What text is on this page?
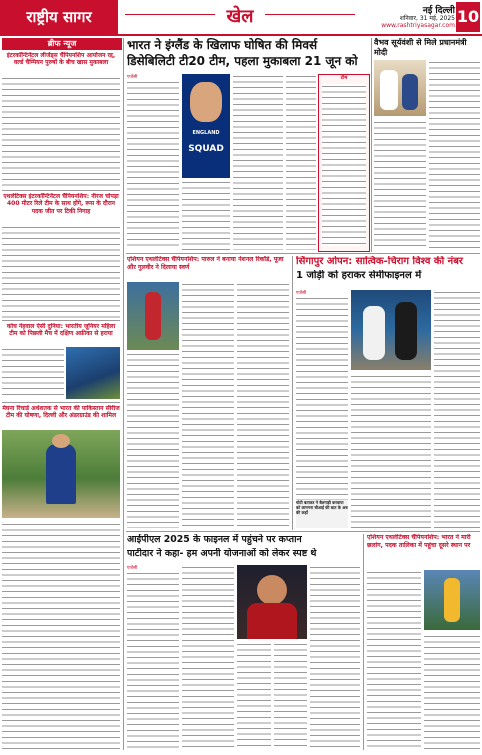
राष्ट्रीय सागर	खेल	नई दिल्ली
शनिवार, 31 मई, 2025
www.rashtriyasagar.com 10
ब्रीफ न्यूज
इंटरकॉन्टिनेंटल लीजेंड्स चैंपियनशिप आयोजन रद्द, वर्ल्ड चैम्पियन पुरुषों के बीच खास मुकाबला
एथलेटिक्स इंटरकॉन्टिनेंटल चैंपियनशिप: नीरज चोपड़ा 400 मीटर रिले टीम के साथ होंगे, रूस के दौरान पदक जीत पर टिकी निगाह
कोच नेहवाल ऐसी दुनिया: भारतीय जूनियर महिला टीम को पिछली मैच में दक्षिण अफ्रीका से हराया
मेघना रिचार्ड अर्धशतक से भारत की पाकिस्तान सीरीज टीम की घोषणा, दिल्ली और अंडरग्राउंड की शामिल
भारत ने इंग्लैंड के खिलाफ घोषित की मिवर्स
डिसेबिलिटी टी20 टीम, पहला मुकाबला 21 जून को
एजेंसी
ENGLAND
SQUAD
टीम
वैभव सूर्यवंशी से मिले प्रधानमंत्री मोदी
एशियन एथलेटिक्स चैंपियनशिप: पारुल ने बनाया नेशनल रिकॉर्ड, पूजा और गुलवीर ने दिलाया स्वर्ण
सिंगापुर ओपन: सात्विक-चिराग विश्व की नंबर
1 जोड़ी को हराकर सेमीफाइनल में
एजेंसी
आईपीएल 2025 के फाइनल में पहुंचने पर कप्तान
पाटीदार ने कहा- हम अपनी योजनाओं को लेकर स्पष्ट थे
एजेंसी
एशियन एथलेटिक्स चैंपियनशिप: भारत ने मारी छलांग, पदक तालिका में पहुंचा दूसरे स्थान पर
चोटी बताकर ने बैलगाड़ी करवाया को लामगना बीआई की बात के अब की कहाँ
